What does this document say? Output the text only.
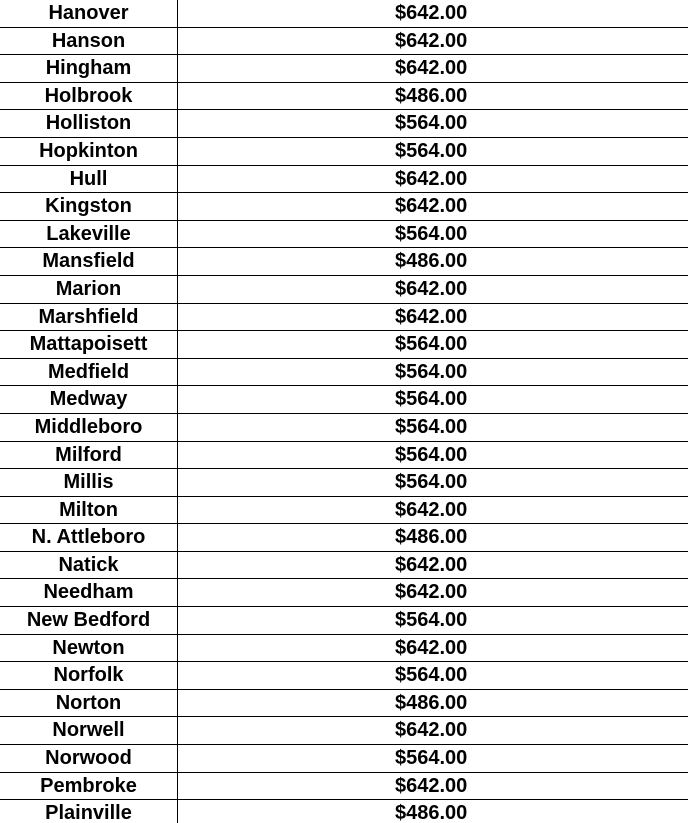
Hanover	$642.00
Hanson	$642.00
Hingham	$642.00
Holbrook	$486.00
Holliston	$564.00
Hopkinton	$564.00
Hull	$642.00
Kingston	$642.00
Lakeville	$564.00
Mansfield	$486.00
Marion	$642.00
Marshfield	$642.00
Mattapoisett	$564.00
Medfield	$564.00
Medway	$564.00
Middleboro	$564.00
Milford	$564.00
Millis	$564.00
Milton	$642.00
N. Attleboro	$486.00
Natick	$642.00
Needham	$642.00
New Bedford	$564.00
Newton	$642.00
Norfolk	$564.00
Norton	$486.00
Norwell	$642.00
Norwood	$564.00
Pembroke	$642.00
Plainville	$486.00
